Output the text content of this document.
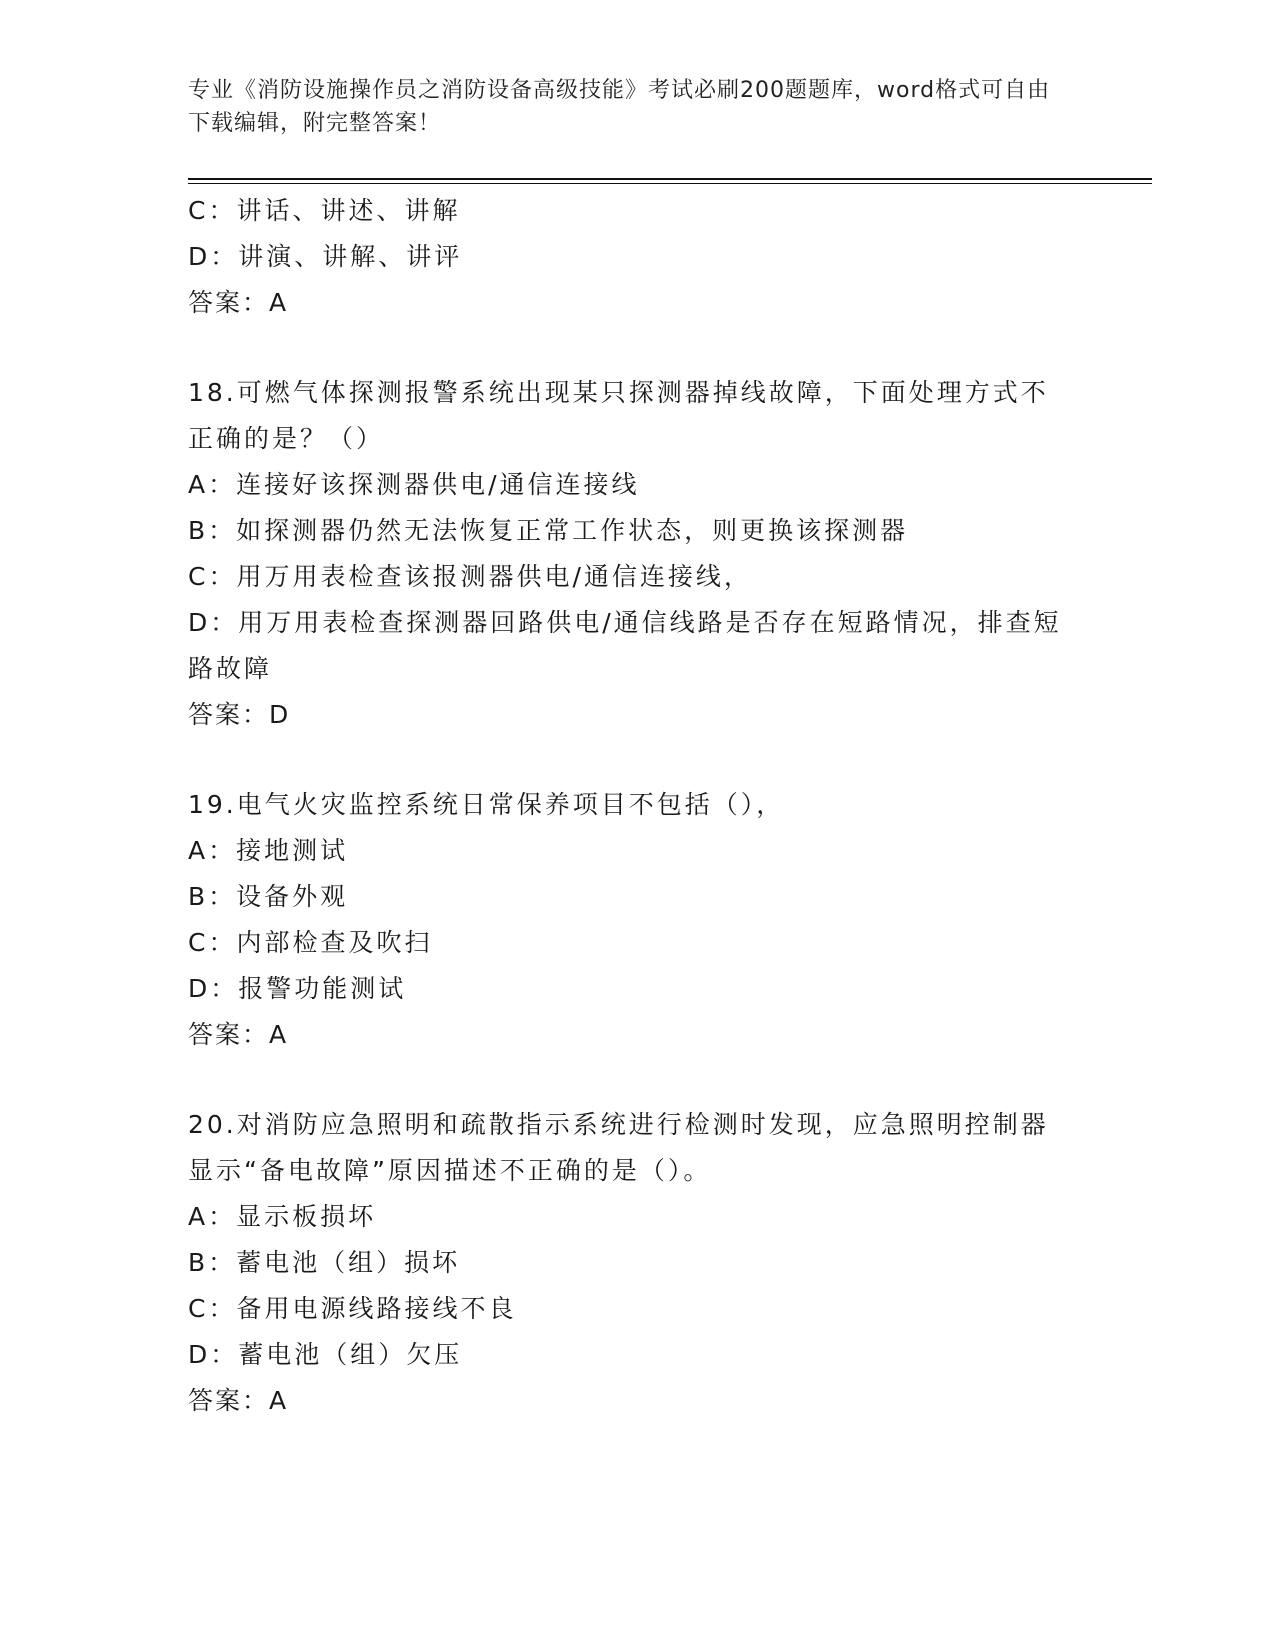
专业《消防设施操作员之消防设备高级技能》考试必刷200题题库，word格式可自由下载编辑，附完整答案！
C：讲话、讲述、讲解
D：讲演、讲解、讲评
答案：A
18.可燃气体探测报警系统出现某只探测器掉线故障，下面处理方式不正确的是？（）
A：连接好该探测器供电/通信连接线
B：如探测器仍然无法恢复正常工作状态，则更换该探测器
C：用万用表检查该报测器供电/通信连接线，
D：用万用表检查探测器回路供电/通信线路是否存在短路情况，排查短路故障
答案：D
19.电气火灾监控系统日常保养项目不包括（），
A：接地测试
B：设备外观
C：内部检查及吹扫
D：报警功能测试
答案：A
20.对消防应急照明和疏散指示系统进行检测时发现，应急照明控制器显示“备电故障”原因描述不正确的是（）。
A：显示板损坏
B：蓄电池（组）损坏
C：备用电源线路接线不良
D：蓄电池（组）欠压
答案：A
